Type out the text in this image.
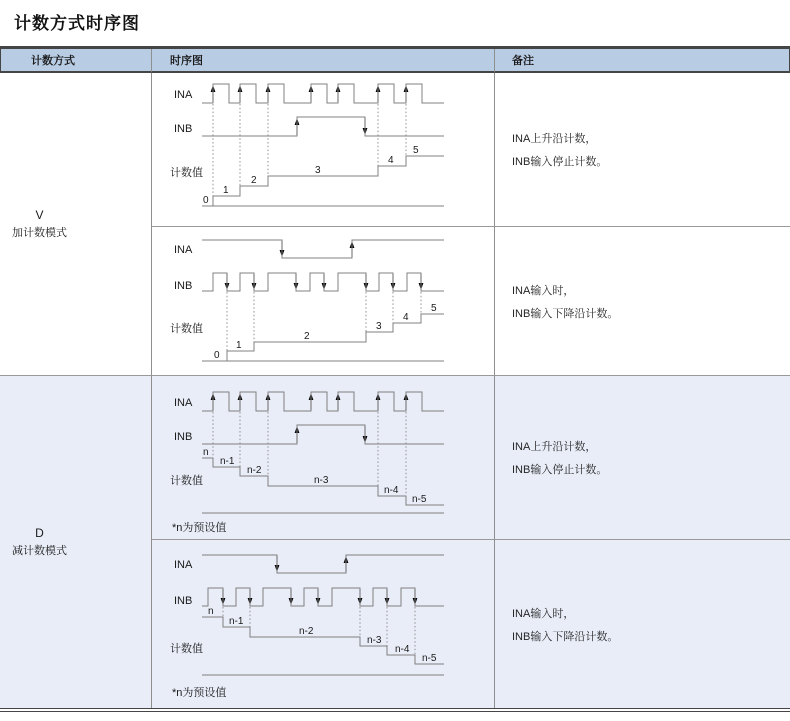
计数方式时序图
计数方式	时序图	备注
V
加计数模式
INA
INB
计数值
0
1
2
3
4
5
INA上升沿计数，
INB输入停止计数。
INA
INB
计数值
0
1
2
3
4
5
INA输入时，
INB输入下降沿计数。
D
减计数模式
INA
INB
计数值
n
n-1
n-2
n-3
n-4
n-5
*n为预设值
INA上升沿计数，
INB输入停止计数。
INA
INB
计数值
n
n-1
n-2
n-3
n-4
n-5
*n为预设值
INA输入时，
INB输入下降沿计数。
